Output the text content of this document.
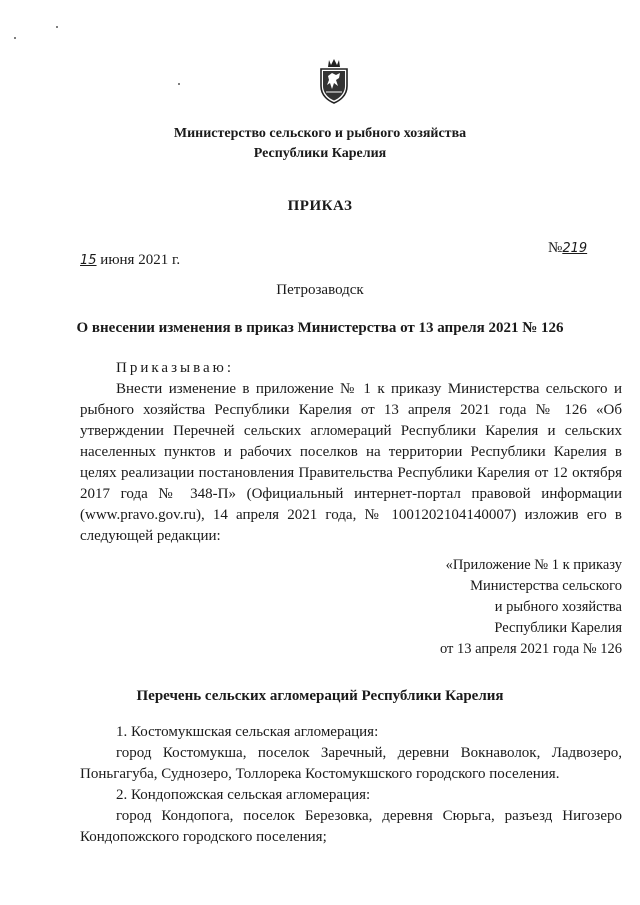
Министерство сельского и рыбного хозяйства
Республики Карелия
ПРИКАЗ
15 июня 2021 г.
№219
Петрозаводск
О внесении изменения в приказ Министерства от 13 апреля 2021 № 126
Приказываю:
Внести изменение в приложение № 1 к приказу Министерства сельского и рыбного хозяйства Республики Карелия от 13 апреля 2021 года № 126 «Об утверждении Перечней сельских агломераций Республики Карелия и сельских населенных пунктов и рабочих поселков на территории Республики Карелия в целях реализации постановления Правительства Республики Карелия от 12 октября 2017 года № 348-П» (Официальный интернет-портал правовой информации (www.pravo.gov.ru), 14 апреля 2021 года, № 1001202104140007) изложив его в следующей редакции:
«Приложение № 1 к приказу
Министерства сельского
и рыбного хозяйства
Республики Карелия
от 13 апреля 2021 года № 126
Перечень сельских агломераций Республики Карелия
1. Костомукшская сельская агломерация:
город Костомукша, поселок Заречный, деревни Вокнаволок, Ладвозеро, Поньгагуба, Суднозеро, Толлорека Костомукшского городского поселения.
2. Кондопожская сельская агломерация:
город Кондопога, поселок Березовка, деревня Сюрьга, разъезд Нигозеро Кондопожского городского поселения;
